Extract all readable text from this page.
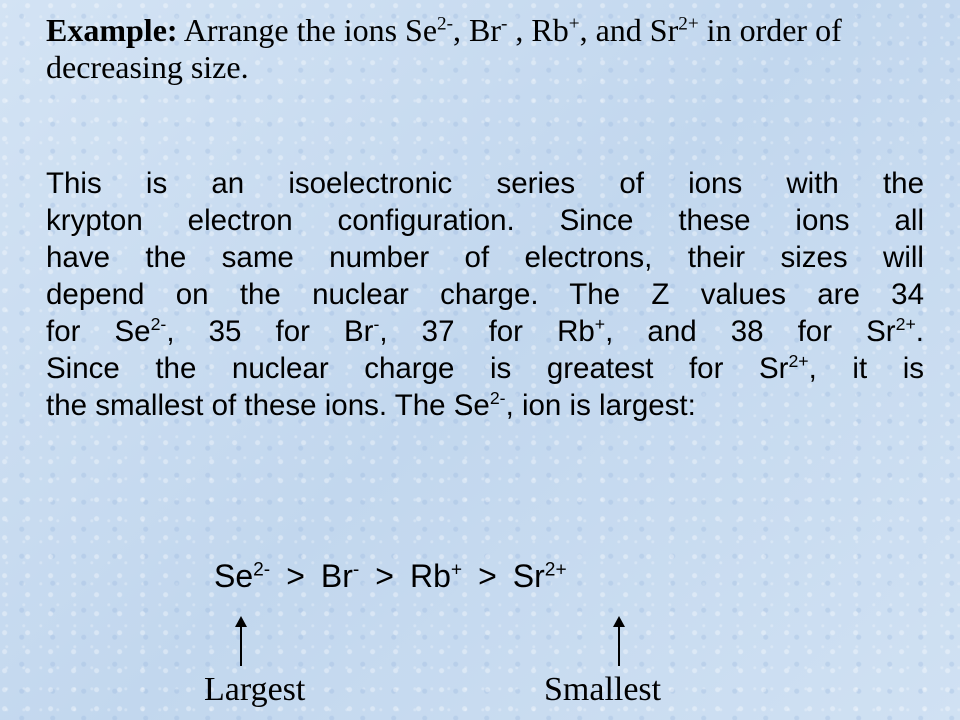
Example: Arrange the ions $Se^{2-}$, Br- , Rb+, and $Sr^{2+}$ in order of decreasing size.

This is an isoelectronic series of ions with the
krypton electron configuration. Since these ions all
have the same number of electrons, their sizes will
depend on the nuclear charge. The Z values are 34
for $Se^{2-}$, 35 for Br-, 37 for Rb+, and 38 for $Sr^{2+}$.
Since the nuclear charge is greatest for $Sr^{2+}$, it is
the smallest of these ions. The $Se^{2-}$, ion is largest:
$Se^{2-} > Br^- > Rb^+ > Sr^{2+}$
Largest	Smallest
